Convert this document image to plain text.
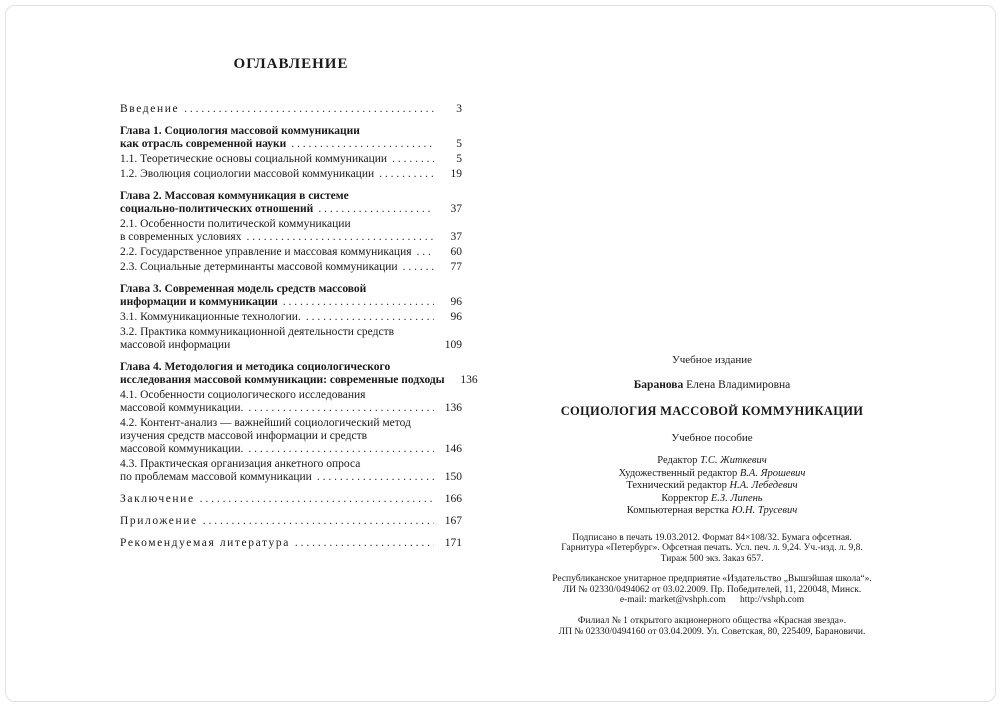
ОГЛАВЛЕНИЕ
Введение . . .	3
Глава 1. Социология массовой коммуникации
как отрасль современной науки . . .	5
1.1. Теоретические основы социальной коммуникации . . .	5
1.2. Эволюция социологии массовой коммуникации . . .	19
Глава 2. Массовая коммуникация в системе
социально-политических отношений . . .	37
2.1. Особенности политической коммуникации
в современных условиях . . .	37
2.2. Государственное управление и массовая коммуникация . . .	60
2.3. Социальные детерминанты массовой коммуникации . . .	77
Глава 3. Современная модель средств массовой
информации и коммуникации . . .	96
3.1. Коммуникационные технологии. . . .	96
3.2. Практика коммуникационной деятельности средств
массовой информации	109
Глава 4. Методология и методика социологического
исследования массовой коммуникации: современные подходы	136
4.1. Особенности социологического исследования
массовой коммуникации. . . .	136
4.2. Контент-анализ — важнейший социологический метод
изучения средств массовой информации и средств
массовой коммуникации. . . .	146
4.3. Практическая организация анкетного опроса
по проблемам массовой коммуникации . . .	150
Заключение . . .	166
Приложение . . .	167
Рекомендуемая литература . . .	171
Учебное издание
Баранова Елена Владимировна
СОЦИОЛОГИЯ МАССОВОЙ КОММУНИКАЦИИ
Учебное пособие
Редактор Т.С. Житкевич
Художественный редактор В.А. Ярошевич
Технический редактор Н.А. Лебедевич
Корректор Е.З. Липень
Компьютерная верстка Ю.Н. Трусевич
Подписано в печать 19.03.2012. Формат 84×108/32. Бумага офсетная.
Гарнитура «Петербург». Офсетная печать. Усл. печ. л. 9,24. Уч.-изд. л. 9,8.
Тираж 500 экз. Заказ 657.
Республиканское унитарное предприятие «Издательство „Вышэйшая школа“».
ЛИ № 02330/0494062 от 03.02.2009. Пр. Победителей, 11, 220048, Минск.
e-mail: market@vshph.com      http://vshph.com
Филиал № 1 открытого акционерного общества «Красная звезда».
ЛП № 02330/0494160 от 03.04.2009. Ул. Советская, 80, 225409, Барановичи.
